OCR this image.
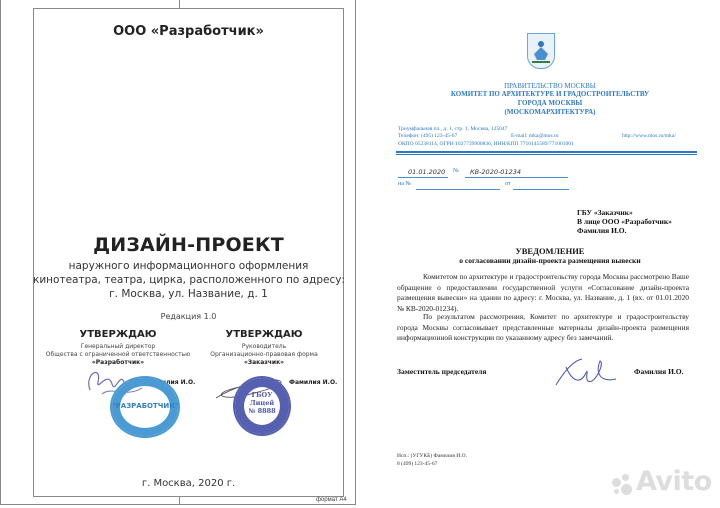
формат А4
ООО «Разработчик»
ДИЗАЙН-ПРОЕКТ
наружного информационного оформления
кинотеатра, театра, цирка, расположенного по адресу:
г. Москва, ул. Название, д. 1
Редакция 1.0
УТВЕРЖДАЮ
Генеральный директор
Общества с ограниченной ответственностью
«Разработчик»
Фамилия И.О.
УТВЕРЖДАЮ
Руководитель
Организационно-правовая форма
«Заказчик»
Фамилия И.О.
"РАЗРАБОТЧИК"
ГБОУ
Лицей
№ 8888
г. Москва, 2020 г.
ПРАВИТЕЛЬСТВО МОСКВЫ
КОМИТЕТ ПО АРХИТЕКТУРЕ И ГРАДОСТРОИТЕЛЬСТВУ
ГОРОДА МОСКВЫ
(МОСКОМАРХИТЕКТУРА)
Триумфальная пл., д. 1, стр. 1, Москва, 125047
Телефон: (495) 123-45-67	E-mail: mka@mos.ru	http://www.mos.ru/mka/
ОКПО 05238114, ОГРН 1027739900836, ИНН/КПП 7710145589/771001001
01.01.2020 № КВ-2020-01234
на №	от
ГБУ «Заказчик»
В лице ООО «Разработчик»
Фамилия И.О.
УВЕДОМЛЕНИЕ
о согласовании дизайн-проекта размещения вывески
Комитетом по архитектуре и градостроительству города Москвы рассмотрено Ваше обращение о предоставлении государственной услуги «Согласование дизайн-проекта размещения вывески» на здании по адресу: г. Москва, ул. Название, д. 1 (вх. от 01.01.2020 № КВ-2020-01234).
По результатом рассмотрения, Комитет по архитектуре и градостроительству города Москвы согласовывает представленные материалы дизайн-проекта размещения информационной конструкции по указанному адресу без замечаний.
Заместитель председателя	Фамилия И.О.
Исп.: (УГУКБ) Фамилия И.О.
8 (499) 123-45-67
Avito
